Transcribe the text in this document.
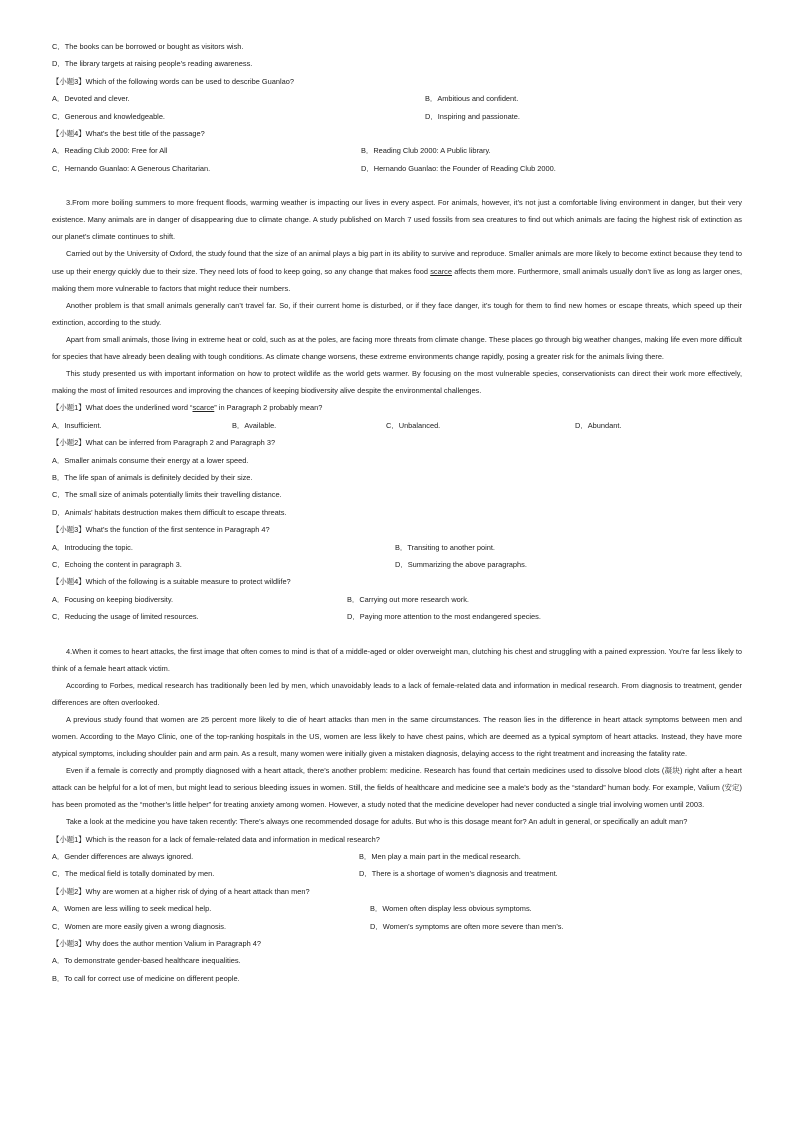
C．The books can be borrowed or bought as visitors wish.
D．The library targets at raising people’s reading awareness.
【小题3】Which of the following words can be used to describe Guanlao?
A．Devoted and clever.	B．Ambitious and confident.
C．Generous and knowledgeable.	D．Inspiring and passionate.
【小题4】What’s the best title of the passage?
A．Reading Club 2000: Free for All	B．Reading Club 2000: A Public library.
C．Hernando Guanlao: A Generous Charitarian.	D．Hernando Guanlao: the Founder of Reading Club 2000.
3.From more boiling summers to more frequent floods, warming weather is impacting our lives in every aspect. For animals, however, it’s not just a comfortable living environment in danger, but their very existence. Many animals are in danger of disappearing due to climate change. A study published on March 7 used fossils from sea creatures to find out which animals are facing the highest risk of extinction as our planet’s climate continues to shift.
Carried out by the University of Oxford, the study found that the size of an animal plays a big part in its ability to survive and reproduce. Smaller animals are more likely to become extinct because they tend to use up their energy quickly due to their size. They need lots of food to keep going, so any change that makes food scarce affects them more. Furthermore, small animals usually don’t live as long as larger ones, making them more vulnerable to factors that might reduce their numbers.
Another problem is that small animals generally can’t travel far. So, if their current home is disturbed, or if they face danger, it’s tough for them to find new homes or escape threats, which speed up their extinction, according to the study.
Apart from small animals, those living in extreme heat or cold, such as at the poles, are facing more threats from climate change. These places go through big weather changes, making life even more difficult for species that have already been dealing with tough conditions. As climate change worsens, these extreme environments change rapidly, posing a greater risk for the animals living there.
This study presented us with important information on how to protect wildlife as the world gets warmer. By focusing on the most vulnerable species, conservationists can direct their work more effectively, making the most of limited resources and improving the chances of keeping biodiversity alive despite the environmental challenges.
【小题1】What does the underlined word “scarce” in Paragraph 2 probably mean?
A．Insufficient.	B．Available.	C．Unbalanced.	D．Abundant.
【小题2】What can be inferred from Paragraph 2 and Paragraph 3?
A．Smaller animals consume their energy at a lower speed.
B．The life span of animals is definitely decided by their size.
C．The small size of animals potentially limits their travelling distance.
D．Animals’ habitats destruction makes them difficult to escape threats.
【小题3】What’s the function of the first sentence in Paragraph 4?
A．Introducing the topic.	B．Transiting to another point.
C．Echoing the content in paragraph 3.	D．Summarizing the above paragraphs.
【小题4】Which of the following is a suitable measure to protect wildlife?
A．Focusing on keeping biodiversity.	B．Carrying out more research work.
C．Reducing the usage of limited resources.	D．Paying more attention to the most endangered species.
4.When it comes to heart attacks, the first image that often comes to mind is that of a middle-aged or older overweight man, clutching his chest and struggling with a pained expression. You’re far less likely to think of a female heart attack victim.
According to Forbes, medical research has traditionally been led by men, which unavoidably leads to a lack of female-related data and information in medical research. From diagnosis to treatment, gender differences are often overlooked.
A previous study found that women are 25 percent more likely to die of heart attacks than men in the same circumstances. The reason lies in the difference in heart attack symptoms between men and women. According to the Mayo Clinic, one of the top-ranking hospitals in the US, women are less likely to have chest pains, which are deemed as a typical symptom of heart attacks. Instead, they have more atypical symptoms, including shoulder pain and arm pain. As a result, many women were initially given a mistaken diagnosis, delaying access to the right treatment and increasing the fatality rate.
Even if a female is correctly and promptly diagnosed with a heart attack, there’s another problem: medicine. Research has found that certain medicines used to dissolve blood clots (凝块) right after a heart attack can be helpful for a lot of men, but might lead to serious bleeding issues in women. Still, the fields of healthcare and medicine see a male’s body as the “standard” human body. For example, Valium (安定) has been promoted as the “mother’s little helper” for treating anxiety among women. However, a study noted that the medicine developer had never conducted a single trial involving women until 2003.
Take a look at the medicine you have taken recently: There’s always one recommended dosage for adults. But who is this dosage meant for? An adult in general, or specifically an adult man?
【小题1】Which is the reason for a lack of female-related data and information in medical research?
A．Gender differences are always ignored.	B．Men play a main part in the medical research.
C．The medical field is totally dominated by men.	D．There is a shortage of women’s diagnosis and treatment.
【小题2】Why are women at a higher risk of dying of a heart attack than men?
A．Women are less willing to seek medical help.	B．Women often display less obvious symptoms.
C．Women are more easily given a wrong diagnosis.	D．Women’s symptoms are often more severe than men’s.
【小题3】Why does the author mention Valium in Paragraph 4?
A．To demonstrate gender-based healthcare inequalities.
B．To call for correct use of medicine on different people.
